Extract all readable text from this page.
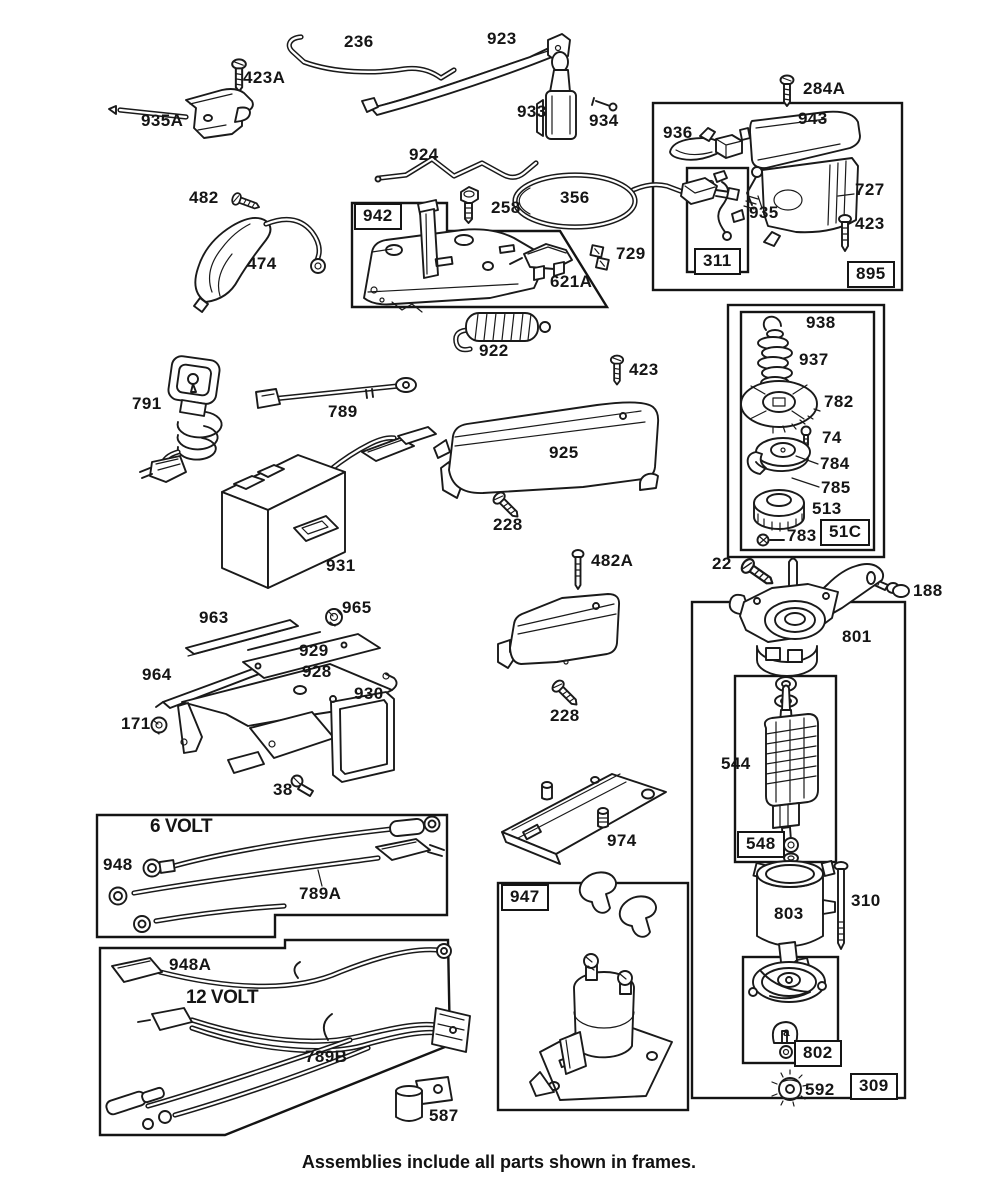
236	923
423A
935A	933 934
284A
936
943
727
935
423
924
482
258
356
729
621A
474
922
423
938
937
782
74
784
785
513
783
791	789
925
228
931	482A	22
188
801
963
965
929
928
964
930
171
38
544
948
789A
974
803
310
948A
789B
228
592
587
a
6 VOLT
12 VOLT
942
895
311
51C
309
548
802
947
Assemblies include all parts shown in frames.
